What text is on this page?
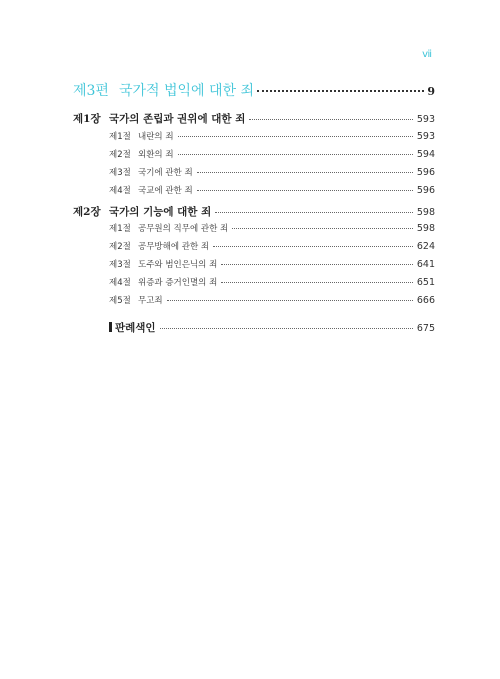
ⅶ
제3편 국가적 법익에 대한 죄	9
제1장 국가의 존립과 권위에 대한 죄	593
제1절 내란의 죄	593
제2절 외환의 죄	594
제3절 국기에 관한 죄	596
제4절 국교에 관한 죄	596
제2장 국가의 기능에 대한 죄	598
제1절 공무원의 직무에 관한 죄	598
제2절 공무방해에 관한 죄	624
제3절 도주와 범인은닉의 죄	641
제4절 위증과 증거인멸의 죄	651
제5절 무고죄	666
판례색인	675
